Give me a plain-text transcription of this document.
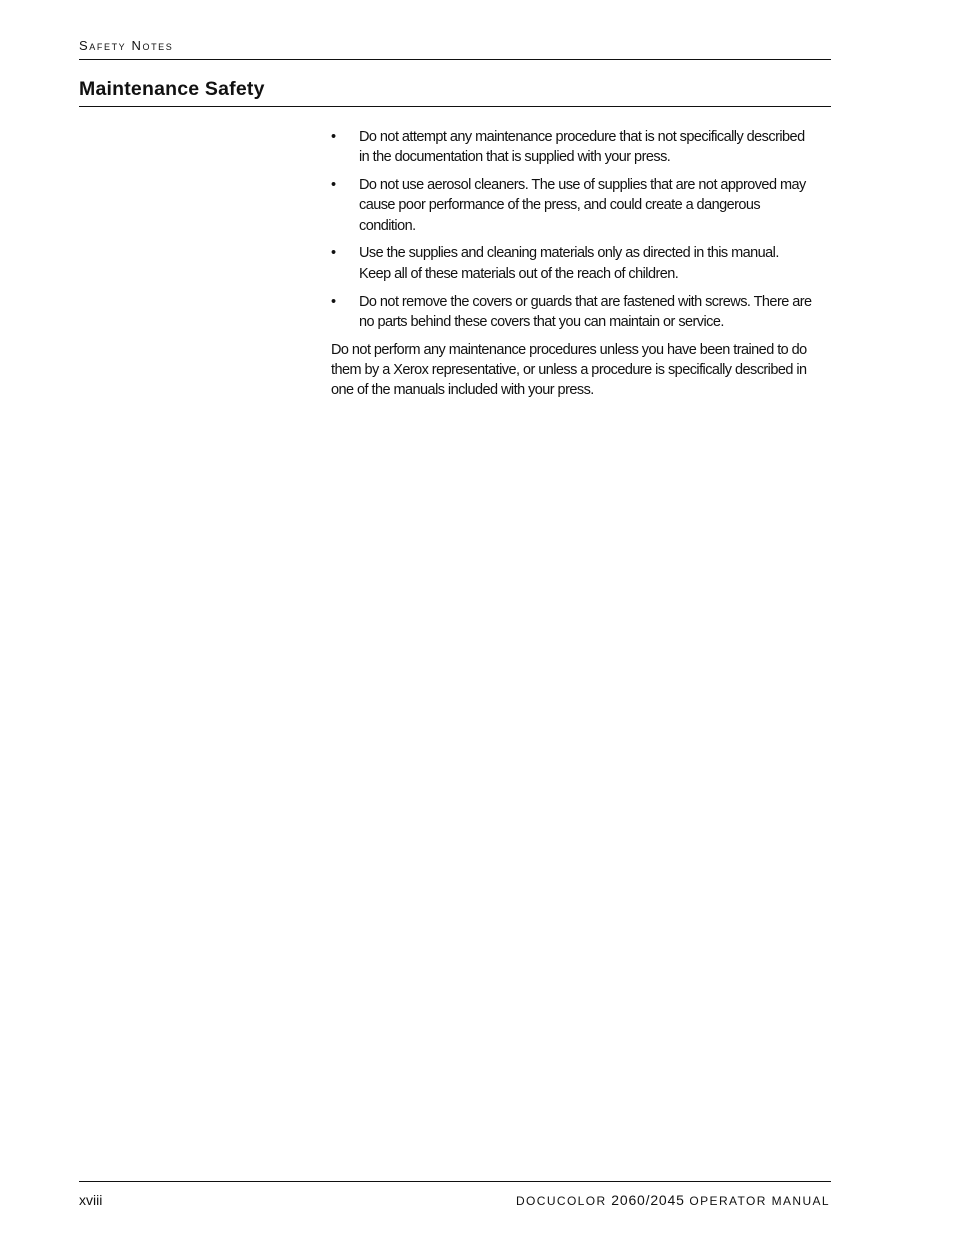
Safety Notes
Maintenance Safety
• Do not attempt any maintenance procedure that is not specifically described
in the documentation that is supplied with your press.
• Do not use aerosol cleaners. The use of supplies that are not approved may
cause poor performance of the press, and could create a dangerous
condition.
• Use the supplies and cleaning materials only as directed in this manual.
Keep all of these materials out of the reach of children.
• Do not remove the covers or guards that are fastened with screws. There are
no parts behind these covers that you can maintain or service.
Do not perform any maintenance procedures unless you have been trained to do
them by a Xerox representative, or unless a procedure is specifically described in
one of the manuals included with your press.
xviii	DOCUCOLOR 2060/2045 OPERATOR MANUAL
